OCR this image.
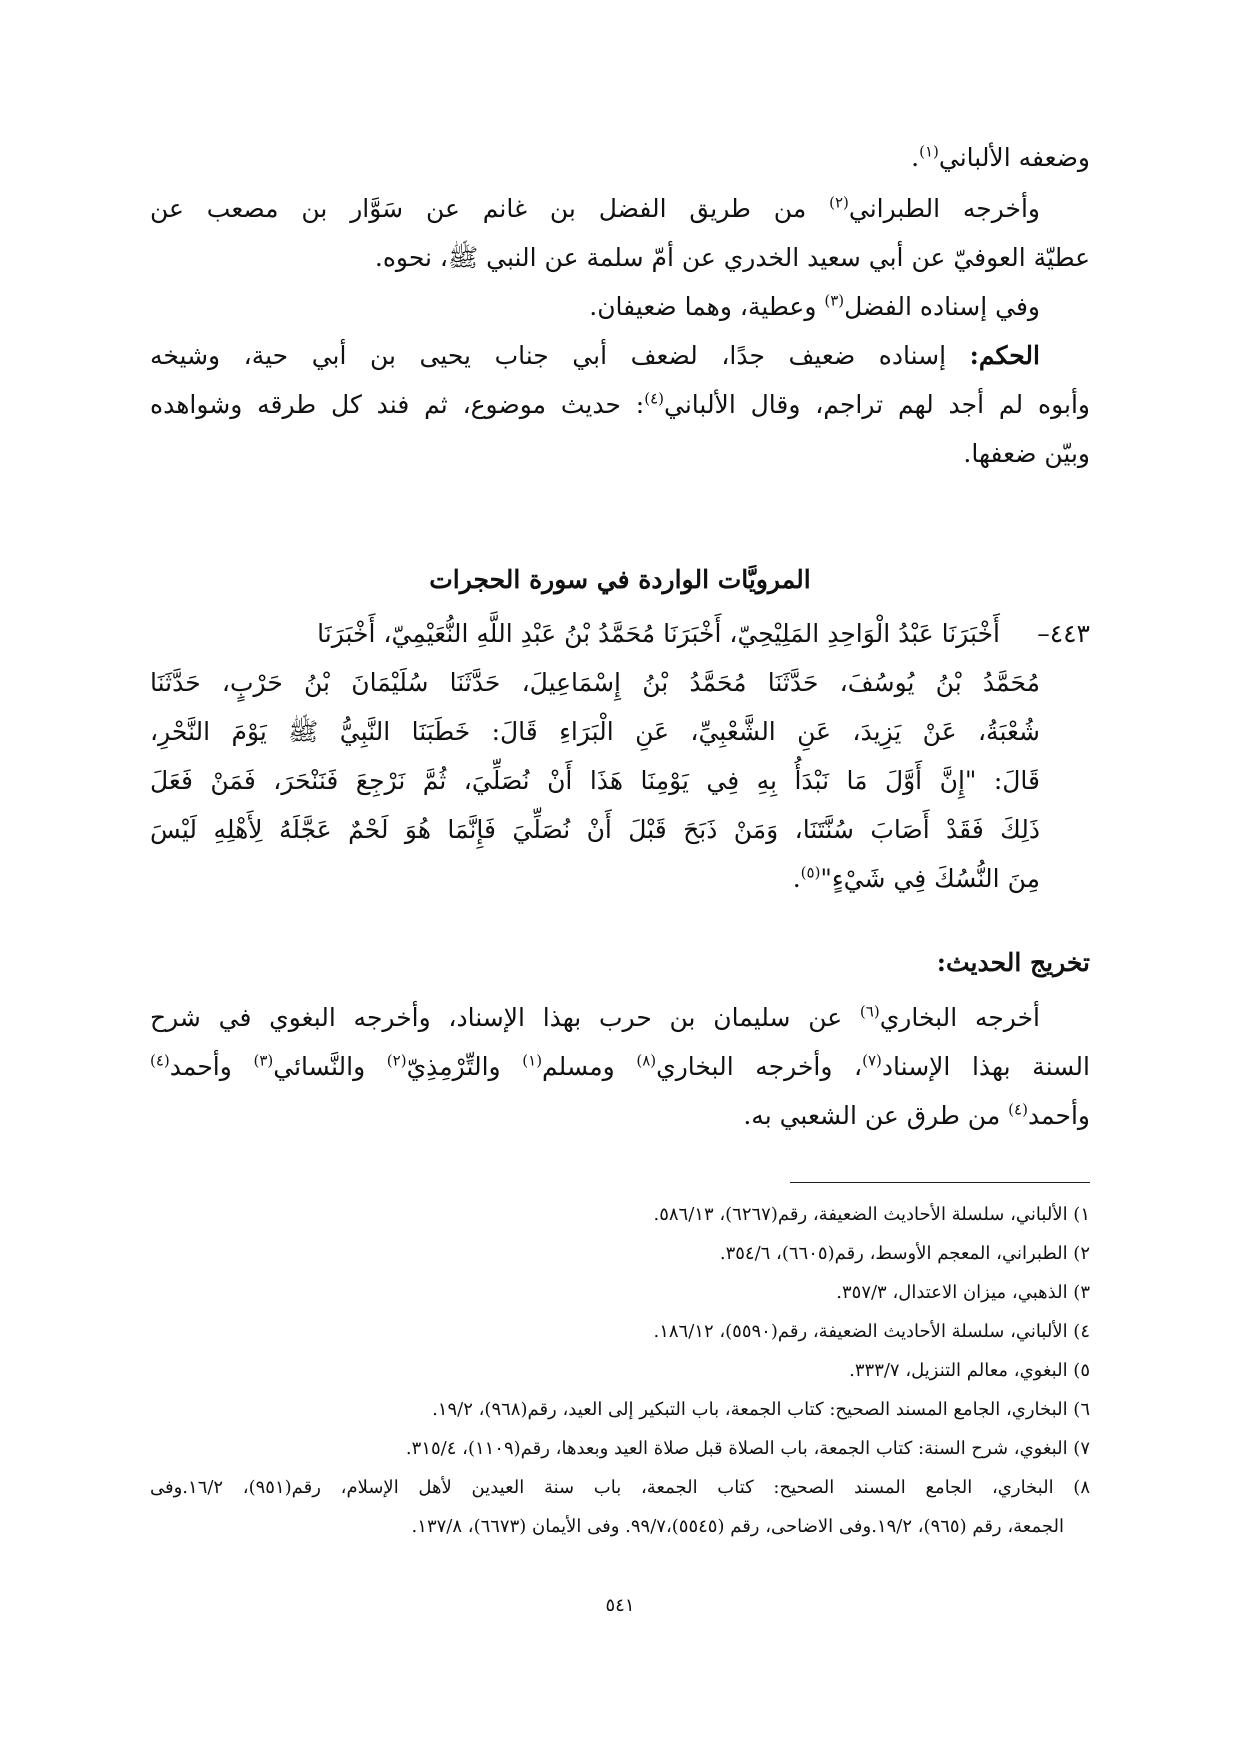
وضعفه الألباني$^{(١)}$.
وأخرجه الطبراني$^{(٢)}$ من طريق الفضل بن غانم عن سَوَّار بن مصعب عن
عطيّة العوفيّ عن أبي سعيد الخدري عن أمّ سلمة عن النبي ﷺ، نحوه.
وفي إسناده الفضل$^{(٣)}$ وعطية، وهما ضعيفان.
الحكم: إسناده ضعيف جدًا، لضعف أبي جناب يحيى بن أبي حية، وشيخه
وأبوه لم أجد لهم تراجم، وقال الألباني$^{(٤)}$: حديث موضوع، ثم فند كل طرقه وشواهده
وبيّن ضعفها.
المرويَّات الواردة في سورة الحجرات
٤٤٣–أَخْبَرَنَا عَبْدُ الْوَاحِدِ المَلِيْحِيّ، أَخْبَرَنَا مُحَمَّدُ بْنُ عَبْدِ اللَّهِ النُّعَيْمِيّ، أَخْبَرَنَا
مُحَمَّدُ بْنُ يُوسُفَ، حَدَّثَنَا مُحَمَّدُ بْنُ إِسْمَاعِيلَ، حَدَّثَنَا سُلَيْمَانَ بْنُ حَرْبٍ، حَدَّثَنَا
شُعْبَةُ، عَنْ يَزِيدَ، عَنِ الشَّعْبِيِّ، عَنِ الْبَرَاءِ قَالَ: خَطَبَنَا النَّبِيُّ ﷺ يَوْمَ النَّحْرِ،
قَالَ: "إِنَّ أَوَّلَ مَا نَبْدَأُ بِهِ فِي يَوْمِنَا هَذَا أَنْ نُصَلِّيَ، ثُمَّ نَرْجِعَ فَنَنْحَرَ، فَمَنْ فَعَلَ
ذَلِكَ فَقَدْ أَصَابَ سُنَّتَنَا، وَمَنْ ذَبَحَ قَبْلَ أَنْ نُصَلِّيَ فَإِنَّمَا هُوَ لَحْمٌ عَجَّلَهُ لِأَهْلِهِ لَيْسَ
مِنَ النُّسُكَ فِي شَيْءٍ"$^{(٥)}$.
تخريج الحديث:
أخرجه البخاري$^{(٦)}$ عن سليمان بن حرب بهذا الإسناد، وأخرجه البغوي في شرح
السنة بهذا الإسناد$^{(٧)}$، وأخرجه البخاري$^{(٨)}$ ومسلم$^{(١)}$ والتِّرْمِذِيّ$^{(٢)}$ والنَّسائي$^{(٣)}$ وأحمد$^{(٤)}$
وأحمد$^{(٤)}$ من طرق عن الشعبي به.
١) الألباني، سلسلة الأحاديث الضعيفة، رقم(٦٢٦٧)، ٥٨٦/١٣.
٢) الطبراني، المعجم الأوسط، رقم(٦٦٠٥)، ٣٥٤/٦.
٣) الذهبي، ميزان الاعتدال، ٣٥٧/٣.
٤) الألباني، سلسلة الأحاديث الضعيفة، رقم(٥٥٩٠)، ١٨٦/١٢.
٥) البغوي، معالم التنزيل، ٣٣٣/٧.
٦) البخاري، الجامع المسند الصحيح: كتاب الجمعة، باب التبكير إلى العيد، رقم(٩٦٨)، ١٩/٢.
٧) البغوي، شرح السنة: كتاب الجمعة، باب الصلاة قبل صلاة العيد وبعدها، رقم(١١٠٩)، ٣١٥/٤.
٨) البخاري، الجامع المسند الصحيح: كتاب الجمعة، باب سنة العيدين لأهل الإسلام، رقم(٩٥١)، ١٦/٢.وفى
الجمعة، رقم (٩٦٥)، ١٩/٢.وفى الاضاحى، رقم (٥٥٤٥)،٩٩/٧. وفى الأيمان (٦٦٧٣)، ١٣٧/٨.
٥٤١
